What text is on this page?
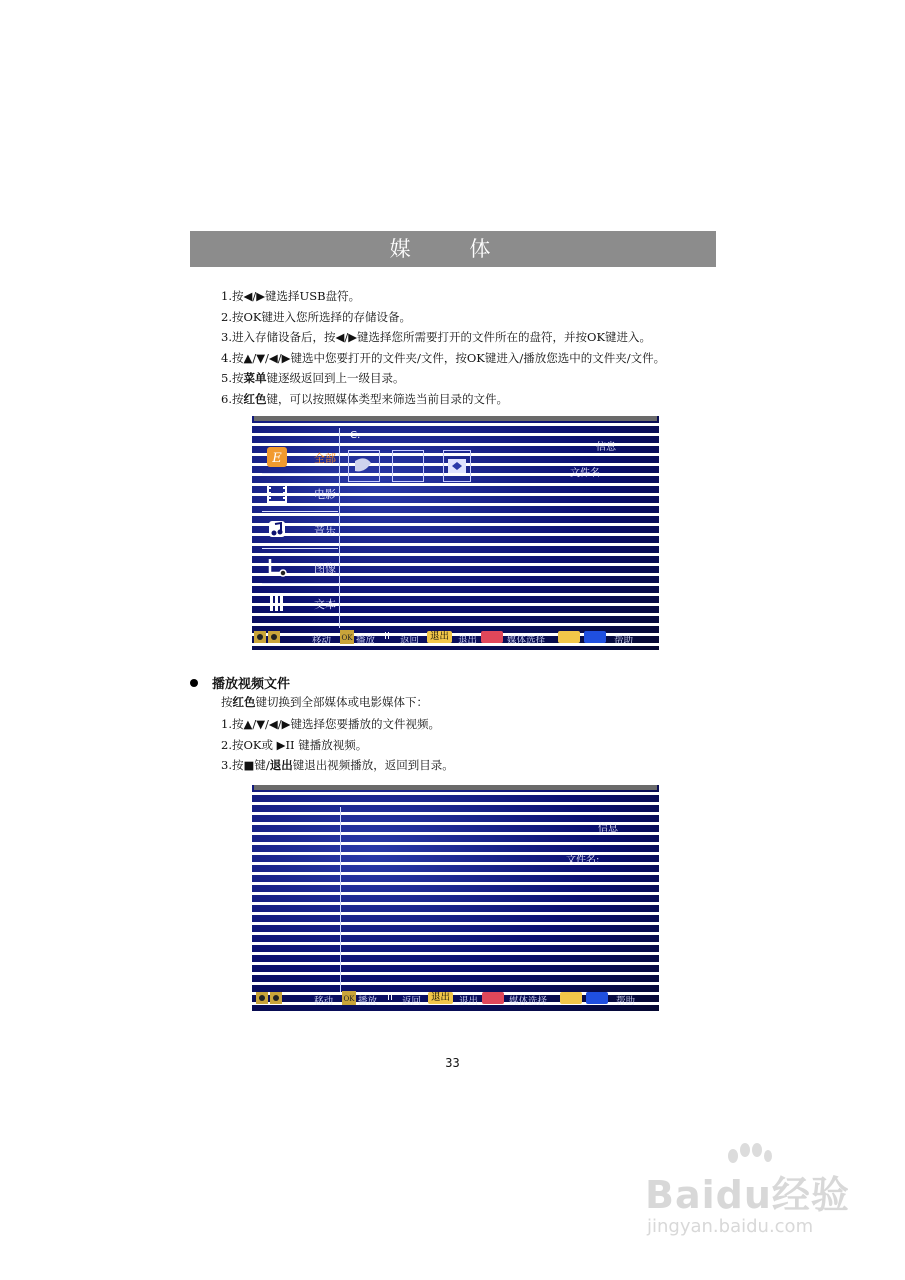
媒 体
1.按◀/▶键选择USB盘符。
2.按OK键进入您所选择的存储设备。
3.进入存储设备后，按◀/▶键选择您所需要打开的文件所在的盘符，并按OK键进入。
4.按▲/▼/◀/▶键选中您要打开的文件夹/文件，按OK键进入/播放您选中的文件夹/文件。
5.按菜单键逐级返回到上一级目录。
6.按红色键，可以按照媒体类型来筛选当前目录的文件。
E	全部
电影
音乐
图像
文本
C:
信息
文件名
移动 OK 播放 II 返回	退出 退出	媒体选择	帮助
播放视频文件
按红色键切换到全部媒体或电影媒体下：
1.按▲/▼/◀/▶键选择您要播放的文件视频。
2.按OK或 ▶II 键播放视频。
3.按■键/退出键退出视频播放，返回到目录。
信息
文件名:
移动 OK 播放 II 返回	退出 退出	媒体选择	帮助
33
Baidu经验
jingyan.baidu.com
